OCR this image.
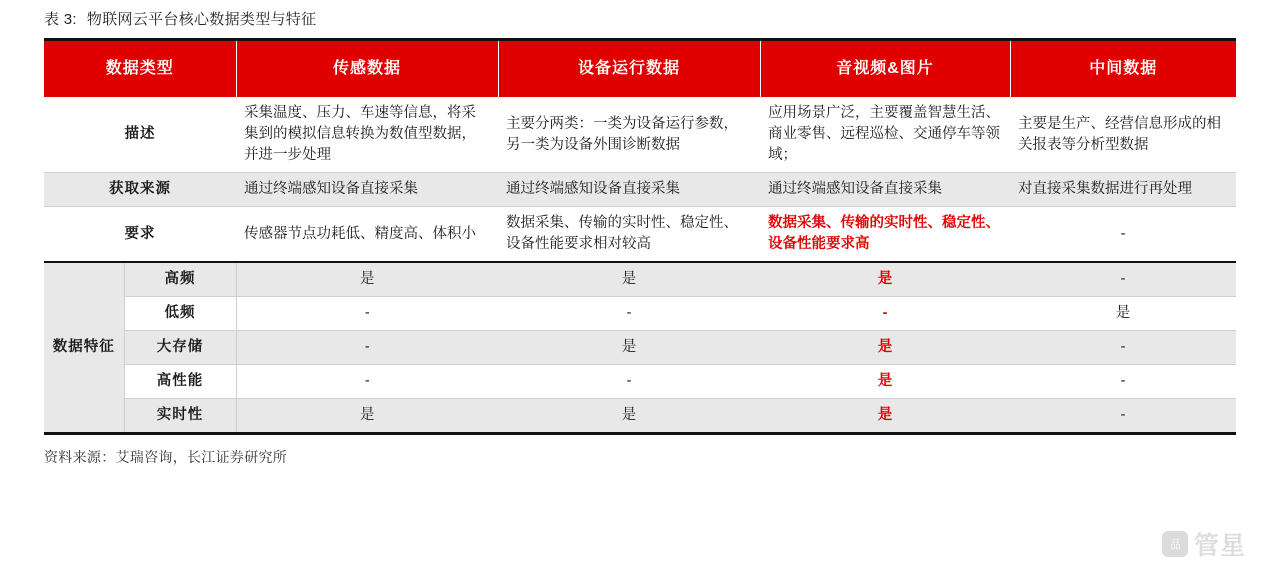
表 3: 物联网云平台核心数据类型与特征
数据类型		传感数据	设备运行数据	音视频&图片	中间数据
描述		采集温度、压力、车速等信息，将采集到的模拟信息转换为数值型数据，并进一步处理	主要分两类：一类为设备运行参数，另一类为设备外围诊断数据	应用场景广泛，主要覆盖智慧生活、商业零售、远程巡检、交通停车等领域；	主要是生产、经营信息形成的相关报表等分析型数据
获取来源		通过终端感知设备直接采集	通过终端感知设备直接采集	通过终端感知设备直接采集	对直接采集数据进行再处理
要求		传感器节点功耗低、精度高、体积小	数据采集、传输的实时性、稳定性、设备性能要求相对较高	数据采集、传输的实时性、稳定性、设备性能要求高	-
数据特征	高频	是	是	是	-
	低频	-	-	-	是
	大存储	-	是	是	-
	高性能	-	-	是	-
	实时性	是	是	是	-
资料来源：艾瑞咨询，长江证券研究所
品 管星
